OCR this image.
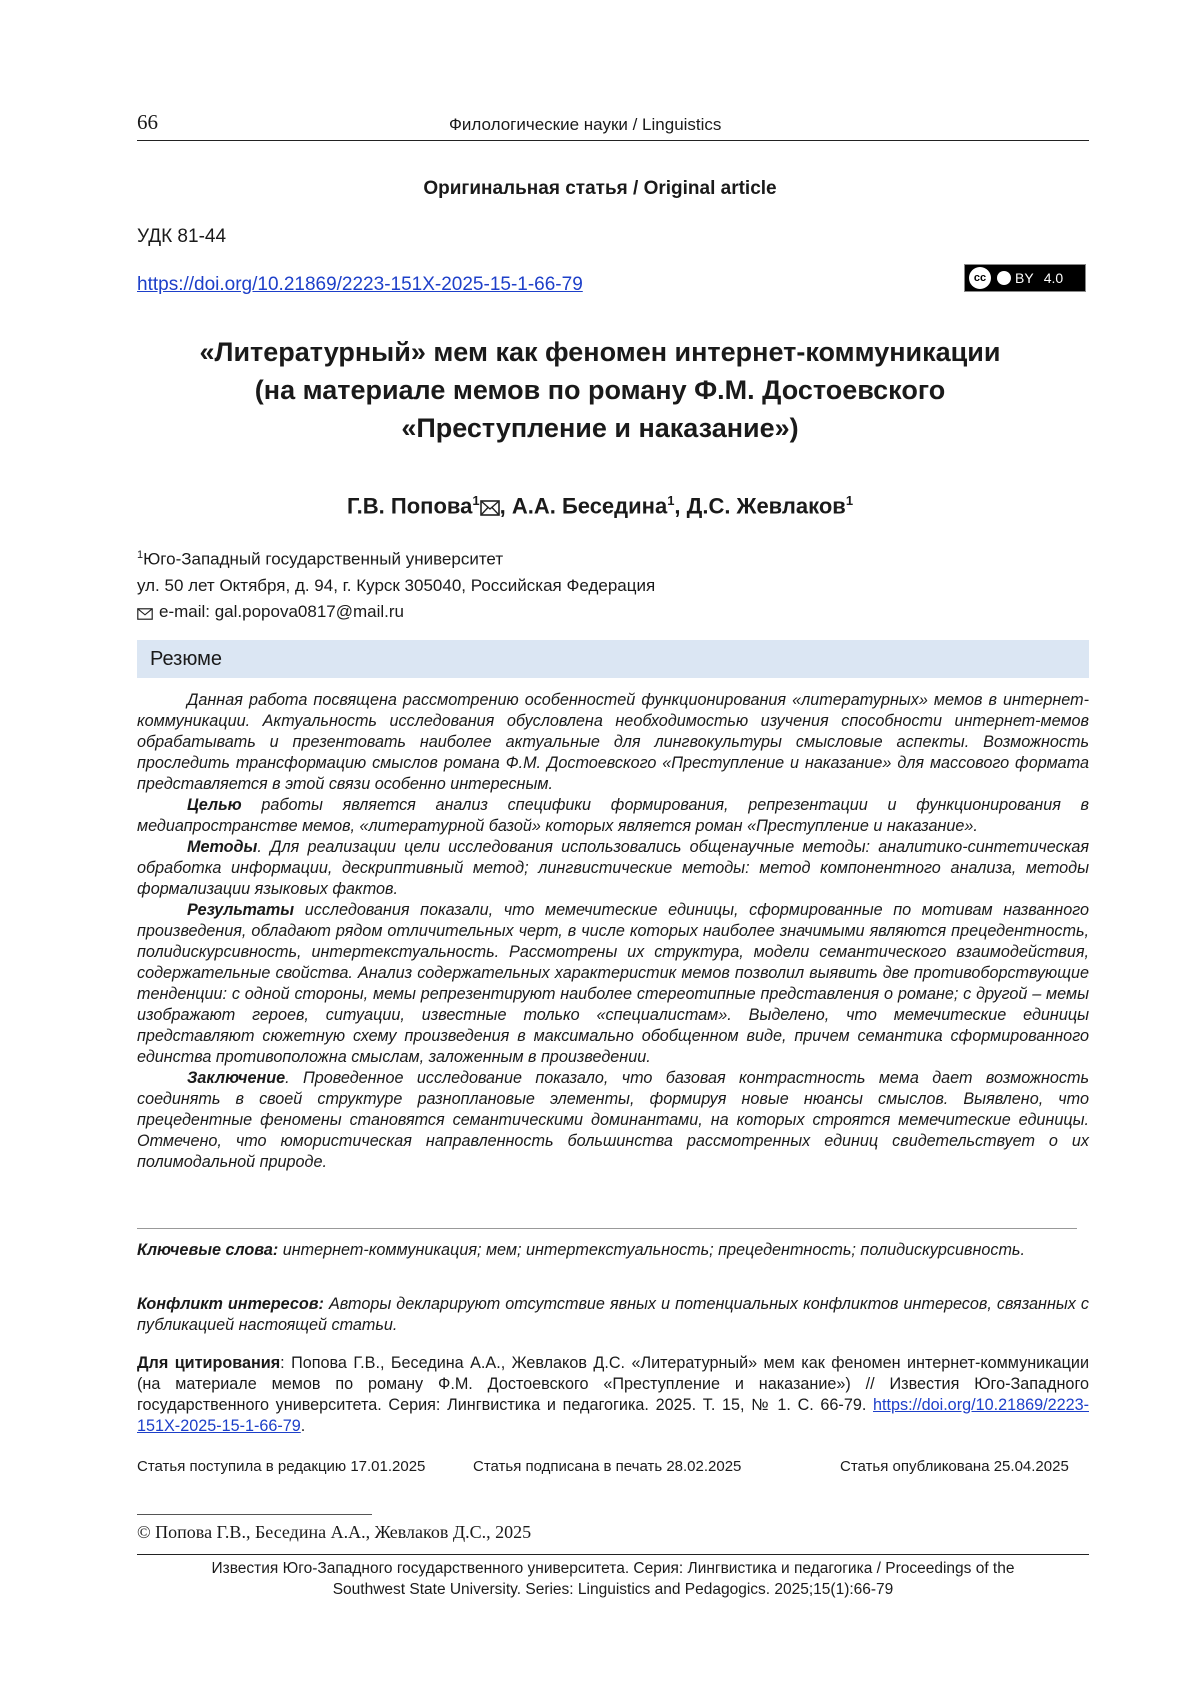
66	Филологические науки / Linguistics
Оригинальная статья / Original article
УДК 81-44
https://doi.org/10.21869/2223-151X-2025-15-1-66-79	cc	BY 4.0
«Литературный» мем как феномен интернет-коммуникации
(на материале мемов по роману Ф.М. Достоевского
«Преступление и наказание»)
Г.В. Попова$^1$ , А.А. Беседина$^1$, Д.С. Жевлаков$^1$
$^1$Юго-Западный государственный университет
ул. 50 лет Октября, д. 94, г. Курск 305040, Российская Федерация
e-mail: gal.popova0817@mail.ru
Резюме

Данная работа посвящена рассмотрению особенностей функционирования «литературных» мемов в интернет-коммуникации. Актуальность исследования обусловлена необходимостью изучения способности интернет-мемов обрабатывать и презентовать наиболее актуальные для лингвокультуры смысловые аспекты. Возможность проследить трансформацию смыслов романа Ф.М. Достоевского «Преступление и наказание» для массового формата представляется в этой связи особенно интересным.

Целью работы является анализ специфики формирования, репрезентации и функционирования в медиапространстве мемов, «литературной базой» которых является роман «Преступление и наказание».

Методы. Для реализации цели исследования использовались общенаучные методы: аналитико-синтетическая обработка информации, дескриптивный метод; лингвистические методы: метод компонентного анализа, методы формализации языковых фактов.

Результаты исследования показали, что мемечитеские единицы, сформированные по мотивам названного произведения, обладают рядом отличительных черт, в числе которых наиболее значимыми являются прецедентность, полидискурсивность, интертекстуальность. Рассмотрены их структура, модели семантического взаимодействия, содержательные свойства. Анализ содержательных характеристик мемов позволил выявить две противоборствующие тенденции: с одной стороны, мемы репрезентируют наиболее стереотипные представления о романе; с другой – мемы изображают героев, ситуации, известные только «специалистам». Выделено, что мемечитеские единицы представляют сюжетную схему произведения в максимально обобщенном виде, причем семантика сформированного единства противоположна смыслам, заложенным в произведении.

Заключение. Проведенное исследование показало, что базовая контрастность мема дает возможность соединять в своей структуре разноплановые элементы, формируя новые нюансы смыслов. Выявлено, что прецедентные феномены становятся семантическими доминантами, на которых строятся мемечитеские единицы. Отмечено, что юмористическая направленность большинства рассмотренных единиц свидетельствует о их полимодальной природе.

Ключевые слова: интернет-коммуникация; мем; интертекстуальность; прецедентность; полидискурсивность.
Конфликт интересов: Авторы декларируют отсутствие явных и потенциальных конфликтов интересов, связанных с публикацией настоящей статьи.
Для цитирования: Попова Г.В., Беседина А.А., Жевлаков Д.С. «Литературный» мем как феномен интернет-коммуникации (на материале мемов по роману Ф.М. Достоевского «Преступление и наказание») // Известия Юго-Западного государственного университета. Серия: Лингвистика и педагогика. 2025. Т. 15, № 1. С. 66-79. https://doi.org/10.21869/2223-151X-2025-15-1-66-79.
Статья поступила в редакцию 17.01.2025	Статья подписана в печать 28.02.2025	Статья опубликована 25.04.2025
© Попова Г.В., Беседина А.А., Жевлаков Д.С., 2025
Известия Юго-Западного государственного университета. Серия: Лингвистика и педагогика / Proceedings of the
Southwest State University. Series: Linguistics and Pedagogics. 2025;15(1):66-79
